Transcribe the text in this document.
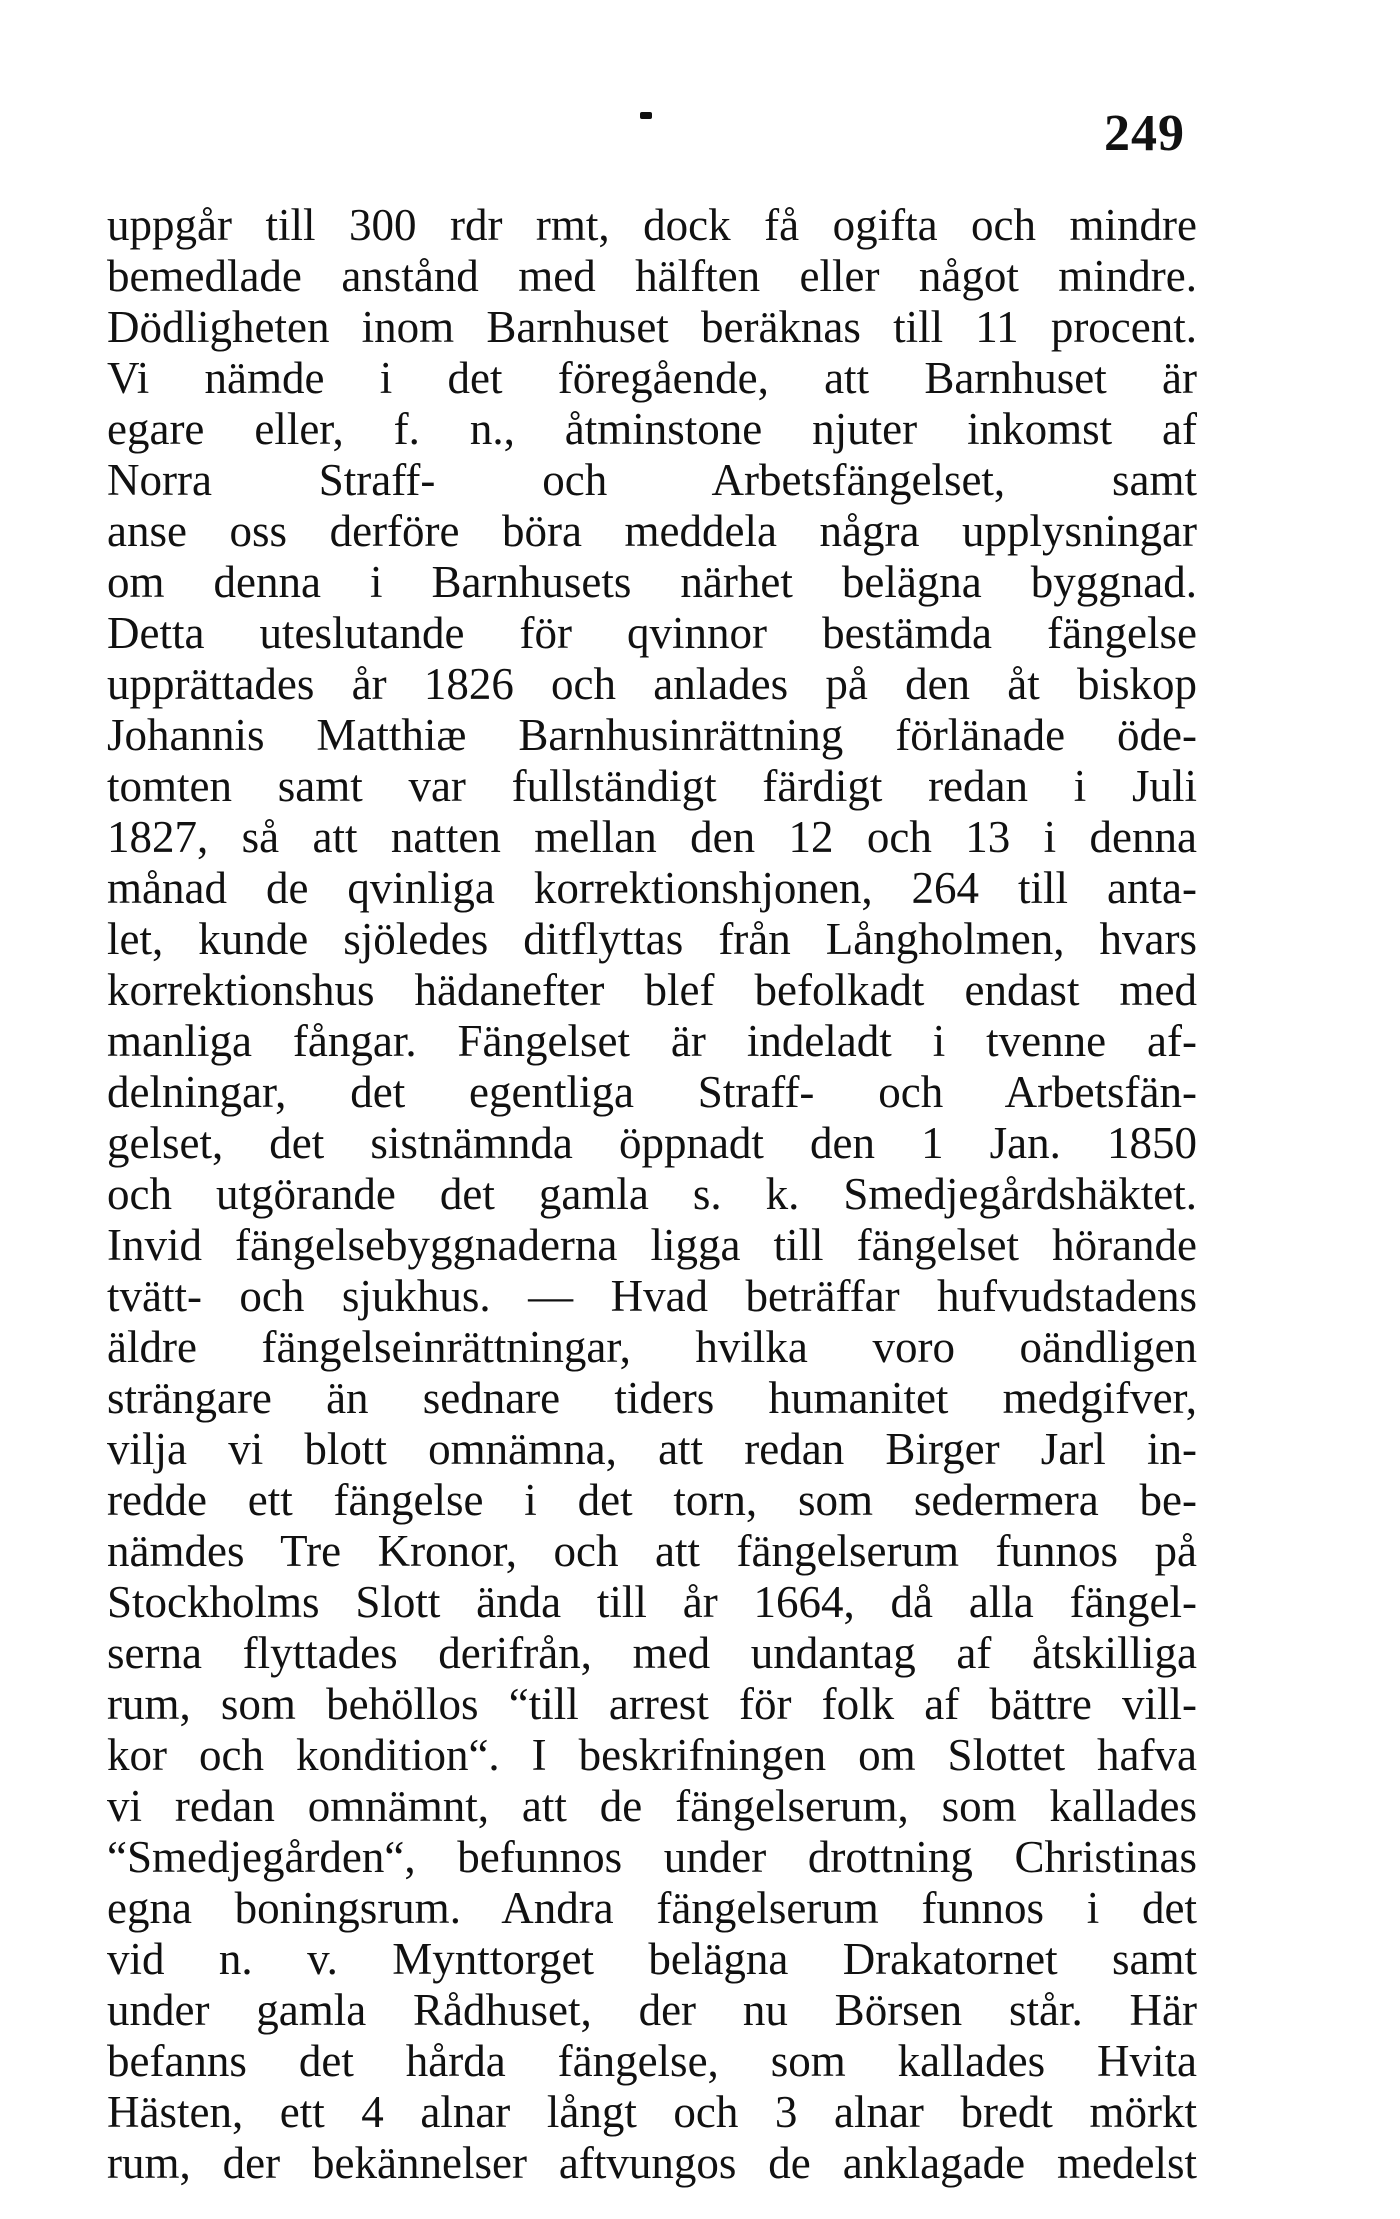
249
uppgår till 300 rdr rmt, dock få ogifta och mindre
bemedlade anstånd med hälften eller något mindre.
Dödligheten inom Barnhuset beräknas till 11 procent.
Vi nämde i det föregående, att Barnhuset är
egare eller, f. n., åtminstone njuter inkomst af
Norra Straff- och Arbetsfängelset, samt
anse oss derföre böra meddela några upplysningar
om denna i Barnhusets närhet belägna byggnad.
Detta uteslutande för qvinnor bestämda fängelse
upprättades år 1826 och anlades på den åt biskop
Johannis Matthiæ Barnhusinrättning förlänade öde-
tomten samt var fullständigt färdigt redan i Juli
1827, så att natten mellan den 12 och 13 i denna
månad de qvinliga korrektionshjonen, 264 till anta-
let, kunde sjöledes ditflyttas från Långholmen, hvars
korrektionshus hädanefter blef befolkadt endast med
manliga fångar. Fängelset är indeladt i tvenne af-
delningar, det egentliga Straff- och Arbetsfän-
gelset, det sistnämnda öppnadt den 1 Jan. 1850
och utgörande det gamla s. k. Smedjegårdshäktet.
Invid fängelsebyggnaderna ligga till fängelset hörande
tvätt- och sjukhus. — Hvad beträffar hufvudstadens
äldre fängelseinrättningar, hvilka voro oändligen
strängare än sednare tiders humanitet medgifver,
vilja vi blott omnämna, att redan Birger Jarl in-
redde ett fängelse i det torn, som sedermera be-
nämdes Tre Kronor, och att fängelserum funnos på
Stockholms Slott ända till år 1664, då alla fängel-
serna flyttades derifrån, med undantag af åtskilliga
rum, som behöllos “till arrest för folk af bättre vill-
kor och kondition“. I beskrifningen om Slottet hafva
vi redan omnämnt, att de fängelserum, som kallades
“Smedjegården“, befunnos under drottning Christinas
egna boningsrum. Andra fängelserum funnos i det
vid n. v. Mynttorget belägna Drakatornet samt
under gamla Rådhuset, der nu Börsen står. Här
befanns det hårda fängelse, som kallades Hvita
Hästen, ett 4 alnar långt och 3 alnar bredt mörkt
rum, der bekännelser aftvungos de anklagade medelst
